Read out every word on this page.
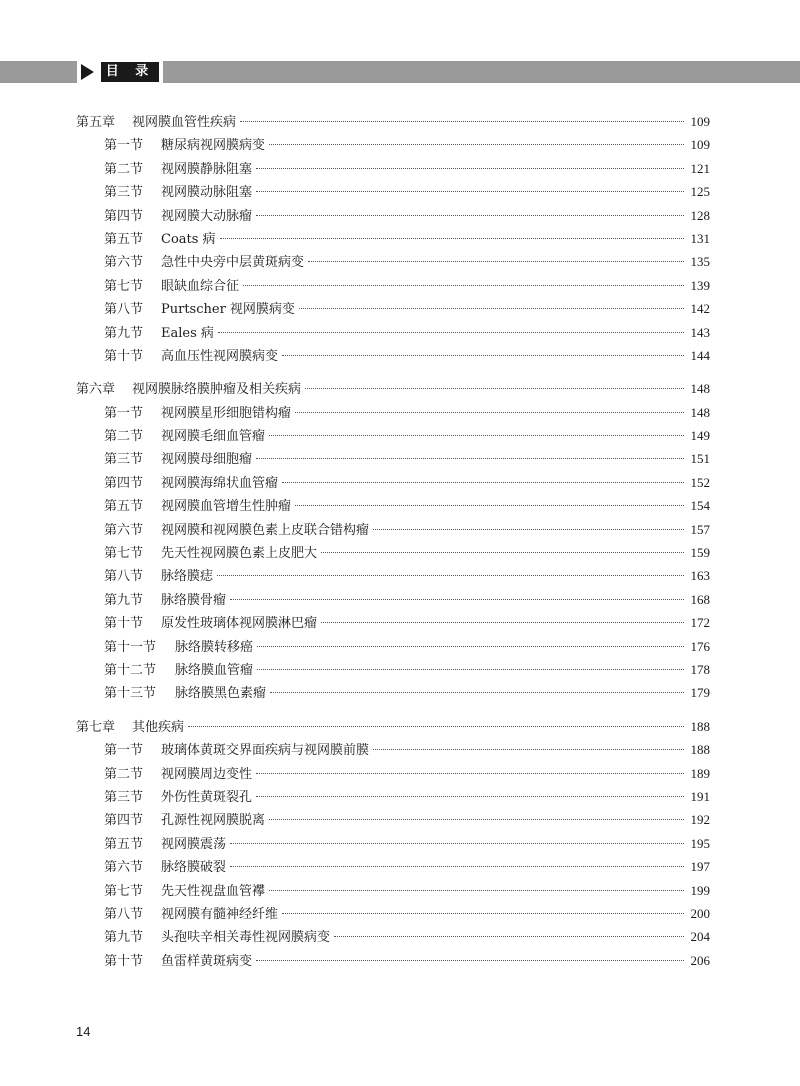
目 录
第五章	视网膜血管性疾病	109
第一节	糖尿病视网膜病变	109
第二节	视网膜静脉阻塞	121
第三节	视网膜动脉阻塞	125
第四节	视网膜大动脉瘤	128
第五节	Coats 病	131
第六节	急性中央旁中层黄斑病变	135
第七节	眼缺血综合征	139
第八节	Purtscher 视网膜病变	142
第九节	Eales 病	143
第十节	高血压性视网膜病变	144
第六章	视网膜脉络膜肿瘤及相关疾病	148
第一节	视网膜星形细胞错构瘤	148
第二节	视网膜毛细血管瘤	149
第三节	视网膜母细胞瘤	151
第四节	视网膜海绵状血管瘤	152
第五节	视网膜血管增生性肿瘤	154
第六节	视网膜和视网膜色素上皮联合错构瘤	157
第七节	先天性视网膜色素上皮肥大	159
第八节	脉络膜痣	163
第九节	脉络膜骨瘤	168
第十节	原发性玻璃体视网膜淋巴瘤	172
第十一节	脉络膜转移癌	176
第十二节	脉络膜血管瘤	178
第十三节	脉络膜黑色素瘤	179
第七章	其他疾病	188
第一节	玻璃体黄斑交界面疾病与视网膜前膜	188
第二节	视网膜周边变性	189
第三节	外伤性黄斑裂孔	191
第四节	孔源性视网膜脱离	192
第五节	视网膜震荡	195
第六节	脉络膜破裂	197
第七节	先天性视盘血管襻	199
第八节	视网膜有髓神经纤维	200
第九节	头孢呋辛相关毒性视网膜病变	204
第十节	鱼雷样黄斑病变	206
14
